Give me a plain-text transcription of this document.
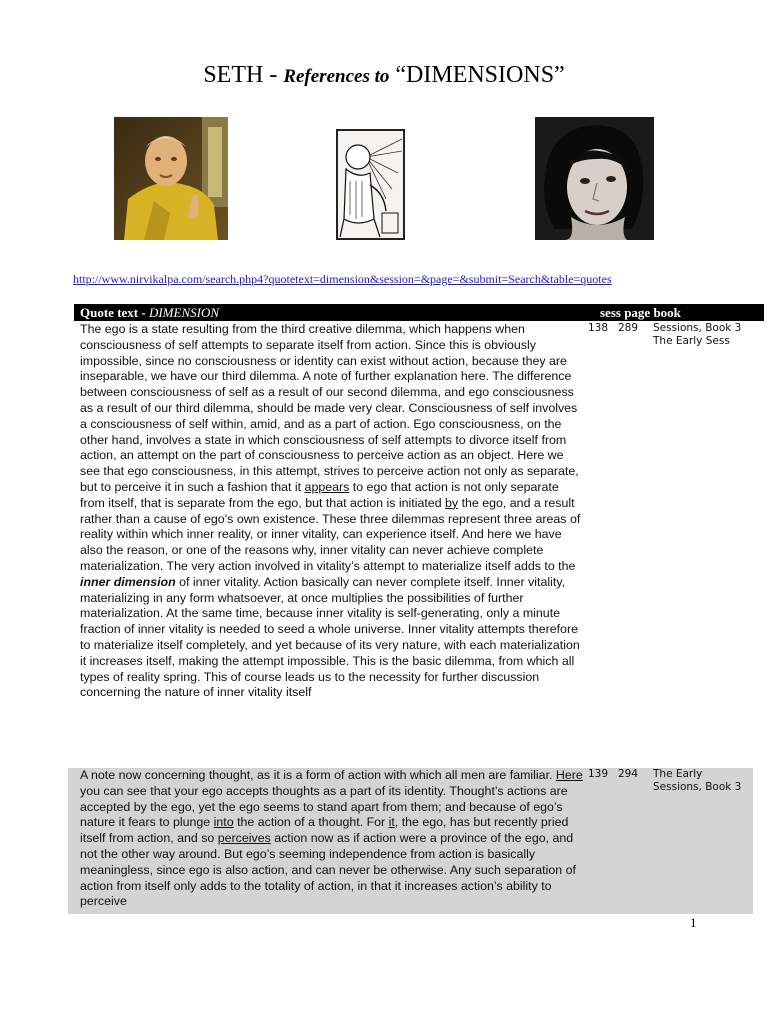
SETH - References to “DIMENSIONS”
http://www.nirvikalpa.com/search.php4?quotetext=dimension&session=&page=&submit=Search&table=quotes
Quote text - DIMENSION	sess page book
The ego is a state resulting from the third creative dilemma, which happens when consciousness of self attempts to separate itself from action. Since this is obviously impossible, since no consciousness or identity can exist without action, because they are inseparable, we have our third dilemma. A note of further explanation here. The difference between consciousness of self as a result of our second dilemma, and ego consciousness as a result of our third dilemma, should be made very clear. Consciousness of self involves a consciousness of self within, amid, and as a part of action. Ego consciousness, on the other hand, involves a state in which consciousness of self attempts to divorce itself from action, an attempt on the part of consciousness to perceive action as an object. Here we see that ego consciousness, in this attempt, strives to perceive action not only as separate, but to perceive it in such a fashion that it appears to ego that action is not only separate from itself, that is separate from the ego, but that action is initiated by the ego, and a result rather than a cause of ego’s own existence. These three dilemmas represent three areas of reality within which inner reality, or inner vitality, can experience itself. And here we have also the reason, or one of the reasons why, inner vitality can never achieve complete materialization. The very action involved in vitality’s attempt to materialize itself adds to the inner dimension of inner vitality. Action basically can never complete itself. Inner vitality, materializing in any form whatsoever, at once multiplies the possibilities of further materialization. At the same time, because inner vitality is self-generating, only a minute fraction of inner vitality is needed to seed a whole universe. Inner vitality attempts therefore to materialize itself completely, and yet because of its very nature, with each materialization it increases itself, making the attempt impossible. This is the basic dilemma, from which all types of reality spring. This of course leads us to the necessity for further discussion concerning the nature of inner vitality itself
138 289 Sessions, Book 3 The Early Sess
A note now concerning thought, as it is a form of action with which all men are familiar. Here you can see that your ego accepts thoughts as a part of its identity. Thought’s actions are accepted by the ego, yet the ego seems to stand apart from them; and because of ego’s nature it fears to plunge into the action of a thought. For it, the ego, has but recently pried itself from action, and so perceives action now as if action were a province of the ego, and not the other way around. But ego’s seeming independence from action is basically meaningless, since ego is also action, and can never be otherwise. Any such separation of action from itself only adds to the totality of action, in that it increases action’s ability to perceive
139 294 The Early Sessions, Book 3
1
